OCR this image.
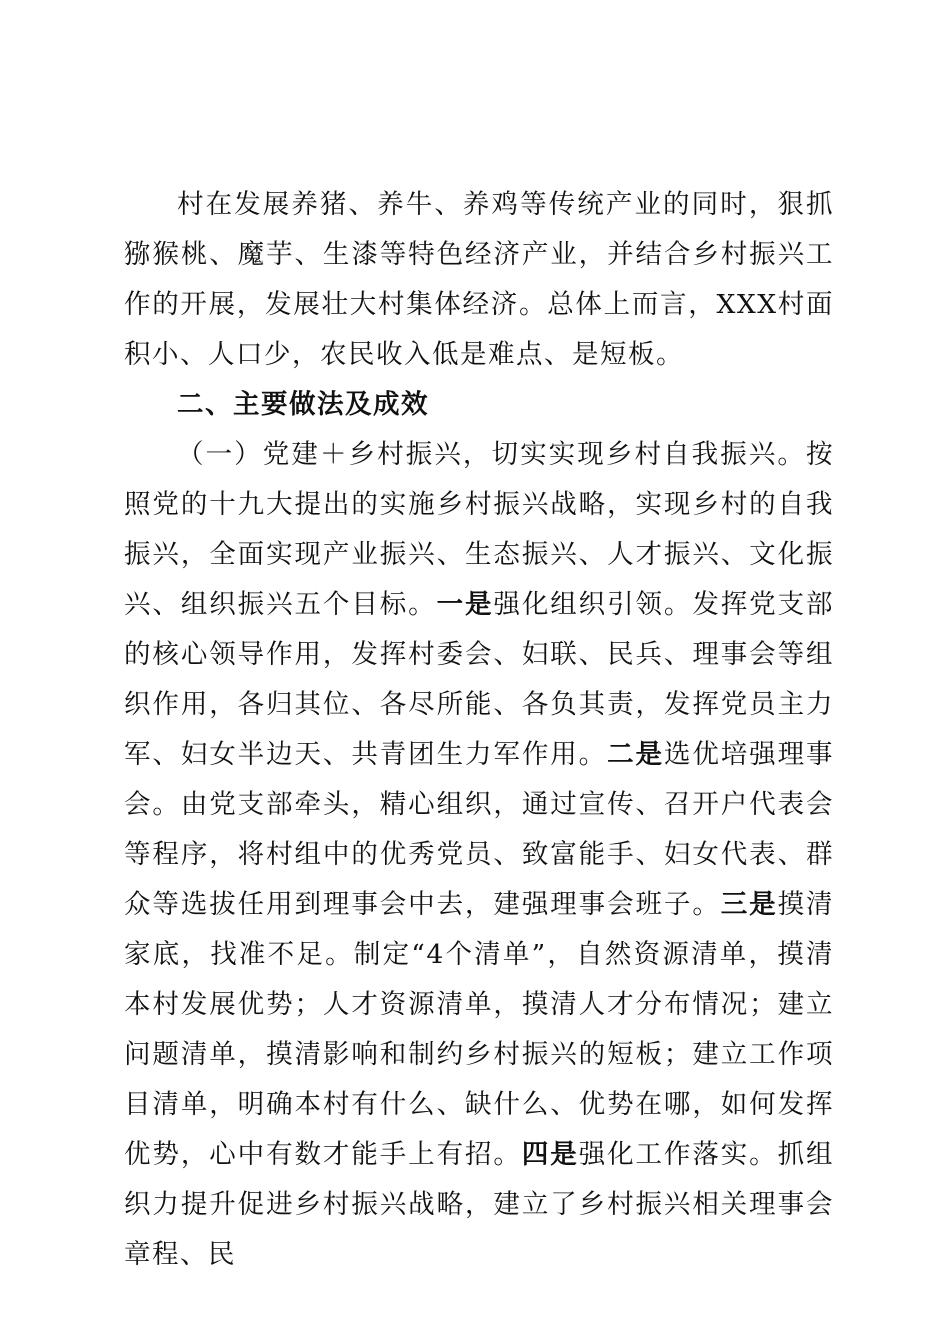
村在发展养猪、养牛、养鸡等传统产业的同时，狠抓猕猴桃、魔芋、生漆等特色经济产业，并结合乡村振兴工作的开展，发展壮大村集体经济。总体上而言，XXX村面积小、人口少，农民收入低是难点、是短板。

二、主要做法及成效

（一）党建＋乡村振兴，切实实现乡村自我振兴。按照党的十九大提出的实施乡村振兴战略，实现乡村的自我振兴，全面实现产业振兴、生态振兴、人才振兴、文化振兴、组织振兴五个目标。一是强化组织引领。发挥党支部的核心领导作用，发挥村委会、妇联、民兵、理事会等组织作用，各归其位、各尽所能、各负其责，发挥党员主力军、妇女半边天、共青团生力军作用。二是选优培强理事会。由党支部牵头，精心组织，通过宣传、召开户代表会等程序，将村组中的优秀党员、致富能手、妇女代表、群众等选拔任用到理事会中去，建强理事会班子。三是摸清家底，找准不足。制定“4个清单”，自然资源清单，摸清本村发展优势；人才资源清单，摸清人才分布情况；建立问题清单，摸清影响和制约乡村振兴的短板；建立工作项目清单，明确本村有什么、缺什么、优势在哪，如何发挥优势，心中有数才能手上有招。四是强化工作落实。抓组织力提升促进乡村振兴战略，建立了乡村振兴相关理事会章程、民
